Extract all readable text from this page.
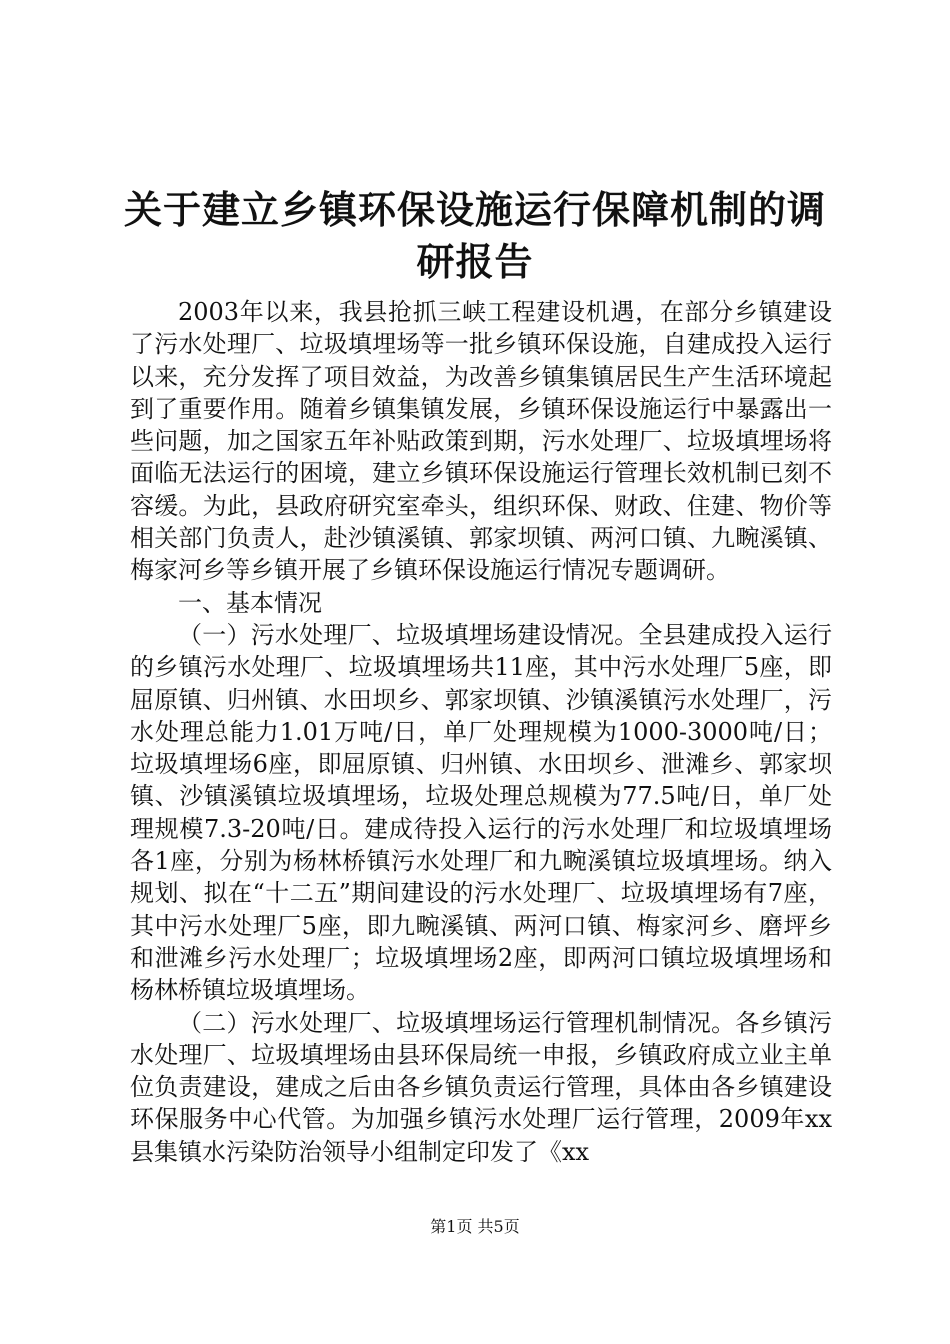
关于建立乡镇环保设施运行保障机制的调研报告

2003年以来，我县抢抓三峡工程建设机遇，在部分乡镇建设了污水处理厂、垃圾填埋场等一批乡镇环保设施，自建成投入运行以来，充分发挥了项目效益，为改善乡镇集镇居民生产生活环境起到了重要作用。随着乡镇集镇发展，乡镇环保设施运行中暴露出一些问题，加之国家五年补贴政策到期，污水处理厂、垃圾填埋场将面临无法运行的困境，建立乡镇环保设施运行管理长效机制已刻不容缓。为此，县政府研究室牵头，组织环保、财政、住建、物价等相关部门负责人，赴沙镇溪镇、郭家坝镇、两河口镇、九畹溪镇、梅家河乡等乡镇开展了乡镇环保设施运行情况专题调研。

一、基本情况

（一）污水处理厂、垃圾填埋场建设情况。全县建成投入运行的乡镇污水处理厂、垃圾填埋场共11座，其中污水处理厂5座，即屈原镇、归州镇、水田坝乡、郭家坝镇、沙镇溪镇污水处理厂，污水处理总能力1.01万吨/日，单厂处理规模为1000-3000吨/日；垃圾填埋场6座，即屈原镇、归州镇、水田坝乡、泄滩乡、郭家坝镇、沙镇溪镇垃圾填埋场，垃圾处理总规模为77.5吨/日，单厂处理规模7.3-20吨/日。建成待投入运行的污水处理厂和垃圾填埋场各1座，分别为杨林桥镇污水处理厂和九畹溪镇垃圾填埋场。纳入规划、拟在“十二五”期间建设的污水处理厂、垃圾填埋场有7座，其中污水处理厂5座，即九畹溪镇、两河口镇、梅家河乡、磨坪乡和泄滩乡污水处理厂；垃圾填埋场2座，即两河口镇垃圾填埋场和杨林桥镇垃圾填埋场。

（二）污水处理厂、垃圾填埋场运行管理机制情况。各乡镇污水处理厂、垃圾填埋场由县环保局统一申报，乡镇政府成立业主单位负责建设，建成之后由各乡镇负责运行管理，具体由各乡镇建设环保服务中心代管。为加强乡镇污水处理厂运行管理，2009年xx县集镇水污染防治领导小组制定印发了《xx

第1页 共5页
